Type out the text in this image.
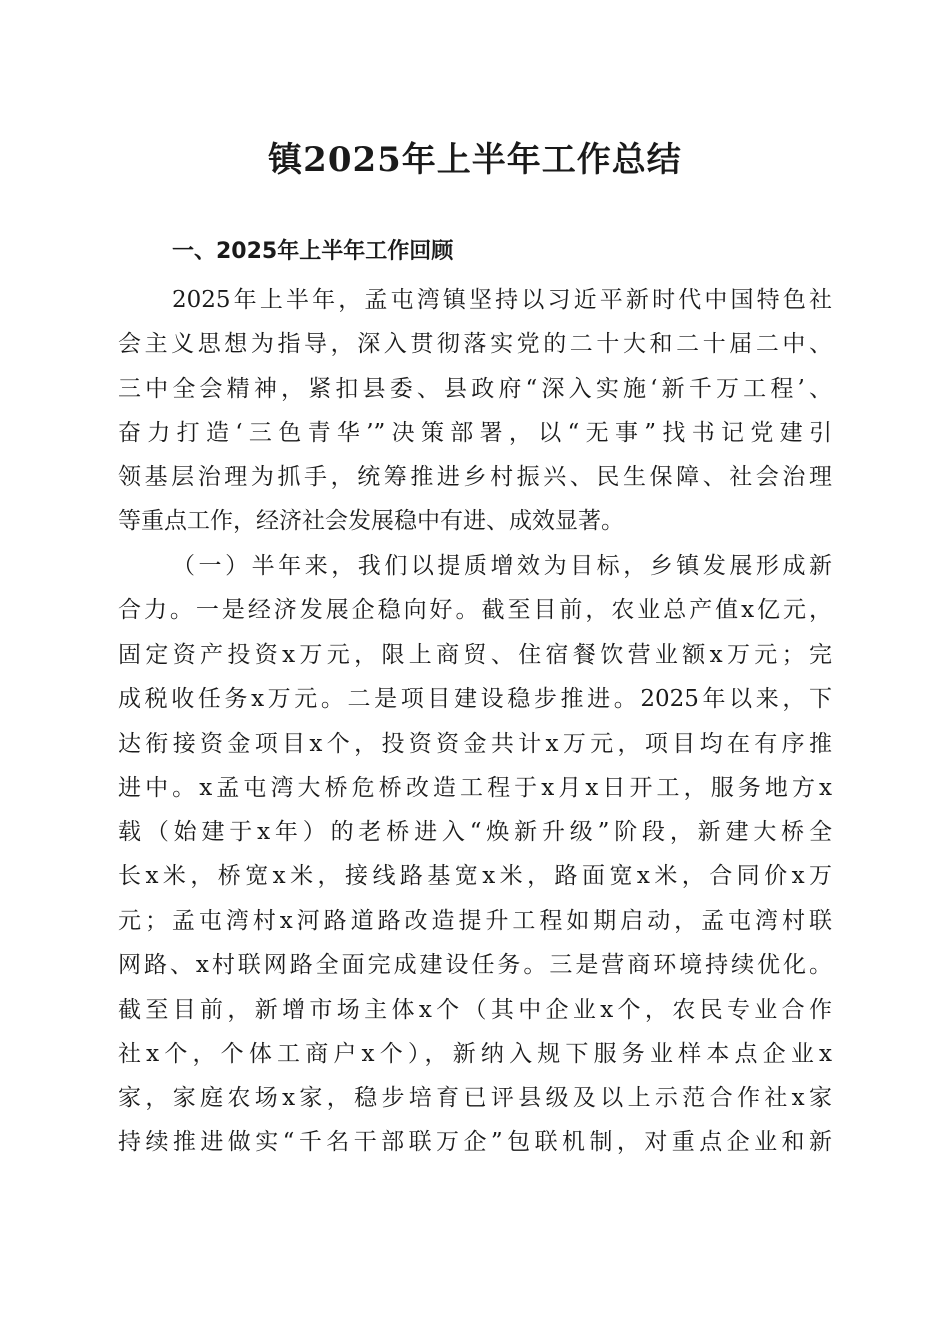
镇2025年上半年工作总结
一、2025年上半年工作回顾

2025年上半年，孟屯湾镇坚持以习近平新时代中国特色社

会主义思想为指导，深入贯彻落实党的二十大和二十届二中、

三中全会精神，紧扣县委、县政府“深入实施‘新千万工程’、

奋力打造‘三色青华’”决策部署，以“无事”找书记党建引

领基层治理为抓手，统筹推进乡村振兴、民生保障、社会治理

等重点工作，经济社会发展稳中有进、成效显著。

（一）半年来，我们以提质增效为目标，乡镇发展形成新

合力。一是经济发展企稳向好。截至目前，农业总产值x亿元，

固定资产投资x万元，限上商贸、住宿餐饮营业额x万元；完

成税收任务x万元。二是项目建设稳步推进。2025年以来，下

达衔接资金项目x个，投资资金共计x万元，项目均在有序推

进中。x孟屯湾大桥危桥改造工程于x月x日开工，服务地方x

载（始建于x年）的老桥进入“焕新升级”阶段，新建大桥全

长x米，桥宽x米，接线路基宽x米，路面宽x米，合同价x万

元；孟屯湾村x河路道路改造提升工程如期启动，孟屯湾村联

网路、x村联网路全面完成建设任务。三是营商环境持续优化。

截至目前，新增市场主体x个（其中企业x个，农民专业合作

社x个，个体工商户x个），新纳入规下服务业样本点企业x

家，家庭农场x家，稳步培育已评县级及以上示范合作社x家

持续推进做实“千名干部联万企”包联机制，对重点企业和新
